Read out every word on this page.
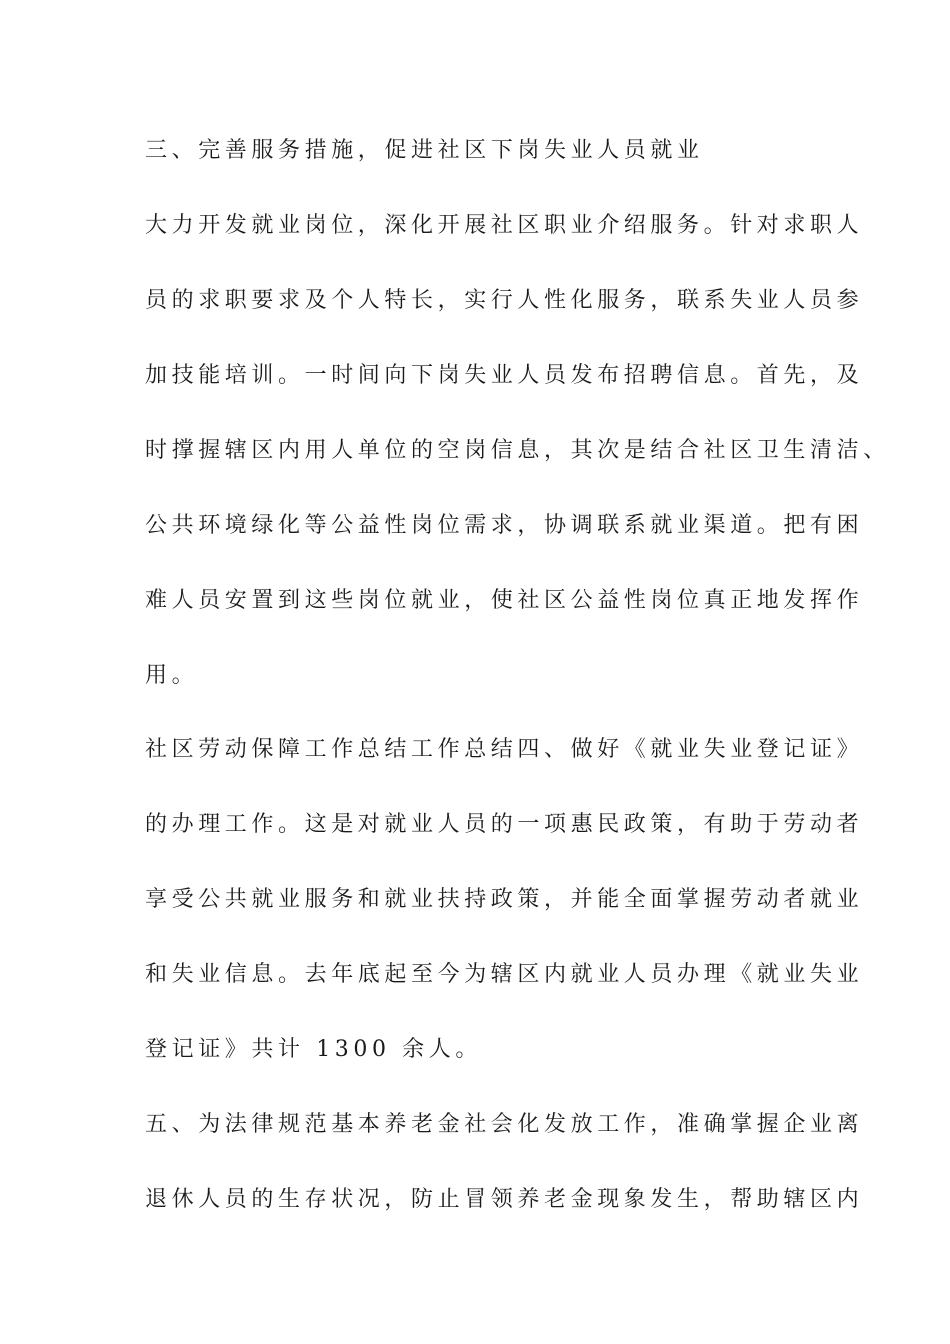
三、完善服务措施，促进社区下岗失业人员就业

大力开发就业岗位，深化开展社区职业介绍服务。针对求职人

员的求职要求及个人特长，实行人性化服务，联系失业人员参

加技能培训。一时间向下岗失业人员发布招聘信息。首先，及

时撑握辖区内用人单位的空岗信息，其次是结合社区卫生清洁、

公共环境绿化等公益性岗位需求，协调联系就业渠道。把有困

难人员安置到这些岗位就业，使社区公益性岗位真正地发挥作

用。

社区劳动保障工作总结工作总结四、做好《就业失业登记证》

的办理工作。这是对就业人员的一项惠民政策，有助于劳动者

享受公共就业服务和就业扶持政策，并能全面掌握劳动者就业

和失业信息。去年底起至今为辖区内就业人员办理《就业失业

登记证》共计 1300 余人。

五、为法律规范基本养老金社会化发放工作，准确掌握企业离

退休人员的生存状况，防止冒领养老金现象发生，帮助辖区内
